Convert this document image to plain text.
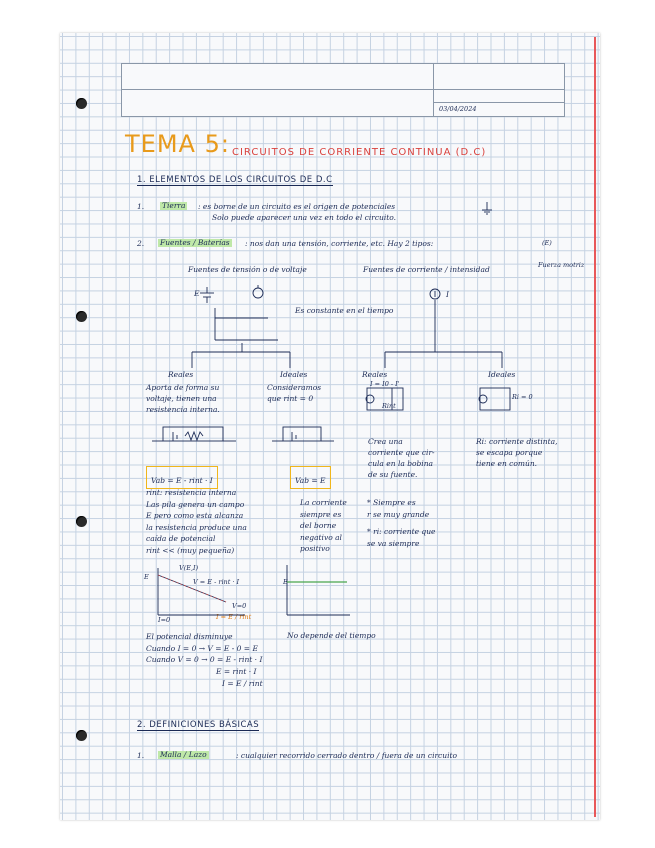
03/04/2024
TEMA 5: CIRCUITOS DE CORRIENTE CONTINUA (D.C)
1. ELEMENTOS DE LOS CIRCUITOS DE D.C
1. Tierra : es borne de un circuito es el origen de potenciales
Solo puede aparecer una vez en todo el circuito.
2. Fuentes / Baterías : nos dan una tensión, corriente, etc. Hay 2 tipos:	(E)
Fuerza motriz
Fuentes de tensión o de voltaje	Fuentes de corriente / intensidad
E	I
Es constante en el tiempo
Reales	Ideales	Reales	Ideales
Aporta de forma su
voltaje, tienen una
resistencia interna.
Consideramos
que rint = 0
I = I0 - I'
Rint
Ri = 0
Crea una
corriente que cir-
cula en la bobina
de su fuente.
Ri: corriente distinta,
se escapa porque
tiene en común.
Vab = E - rint · I	Vab = E
rint: resistencia interna
Las pila genera un campo
E pero como esta alcanza
la resistencia produce una
caída de potencial
rint << (muy pequeña)
La corriente
siempre es
del borne
negativo al
positivo
* Siempre es
r se muy grande
* ri: corriente que
se va siempre
E
V(E,I)
V = E - rint · I
V=0
I=0	I = E / rint
E
No depende del tiempo
El potencial disminuye
Cuando I = 0 → V = E - 0 = E
Cuando V = 0 → 0 = E - rint · I
E = rint · I
I = E / rint
2. DEFINICIONES BÁSICAS
1. Malla / Lazo	: cualquier recorrido cerrado dentro / fuera de un circuito
